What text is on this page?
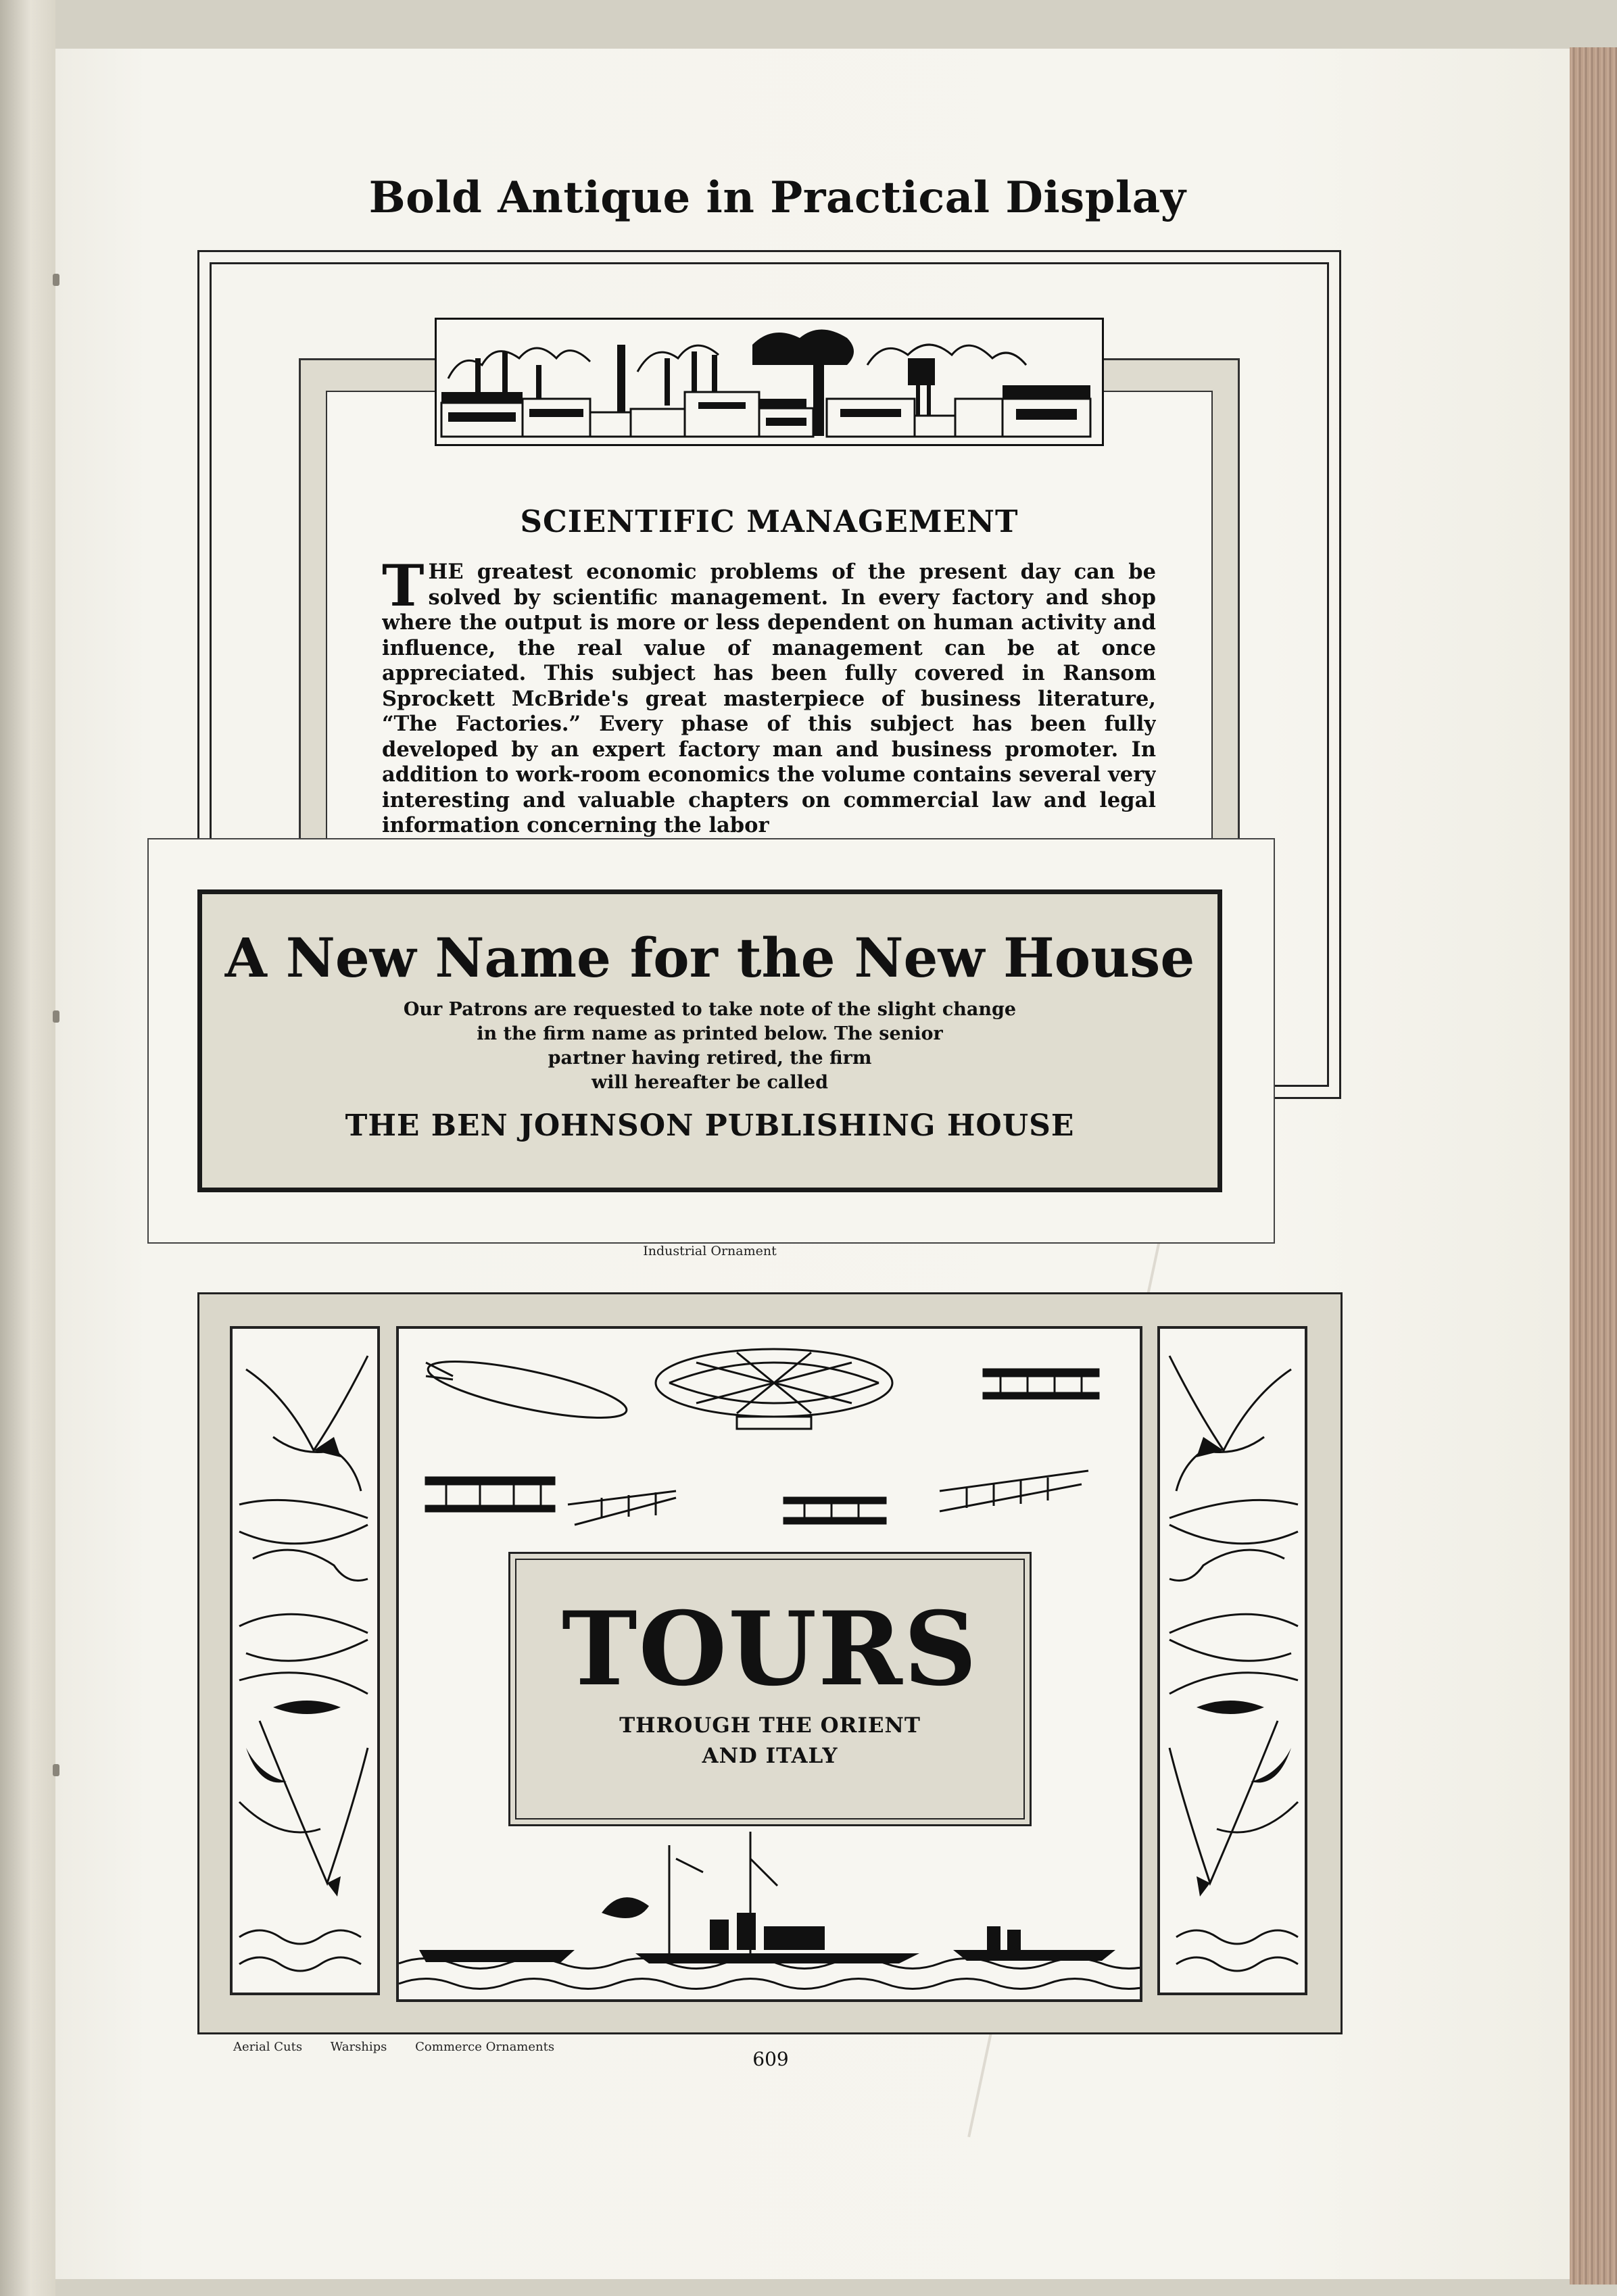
Bold Antique in Practical Display
SCIENTIFIC MANAGEMENT
THE greatest economic problems of the present day can be solved by scientific management. In every factory and shop where the output is more or less dependent on human activity and influence, the real value of management can be at once appreciated. This subject has been fully covered in Ransom Sprockett McBride's great masterpiece of business literature, “The Factories.” Every phase of this subject has been fully developed by an expert factory man and business promoter. In addition to work-room economics the volume contains several very interesting and valuable chapters on commercial law and legal information concerning the labor
A New Name for the New House
Our Patrons are requested to take note of the slight change
in the firm name as printed below. The senior
partner having retired, the firm
will hereafter be called
THE BEN JOHNSON PUBLISHING HOUSE
Industrial Ornament
TOURS
THROUGH THE ORIENT
AND ITALY
Aerial Cuts Warships Commerce Ornaments
609
